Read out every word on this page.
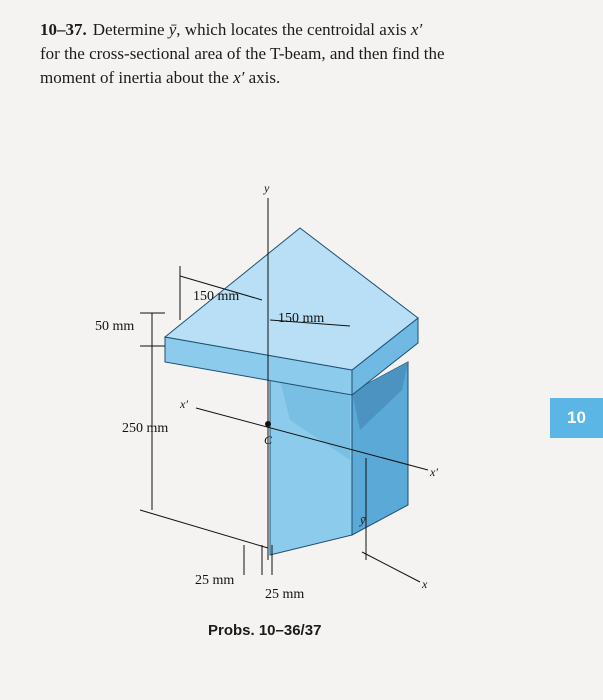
10–37. Determine ȳ, which locates the centroidal axis x′
for the cross-sectional area of the T-beam, and then find the
moment of inertia about the x′ axis.
y
x′
x′
C
x
ȳ
150 mm
150 mm
50 mm
250 mm
25 mm
25 mm
10
Probs. 10–36/37
